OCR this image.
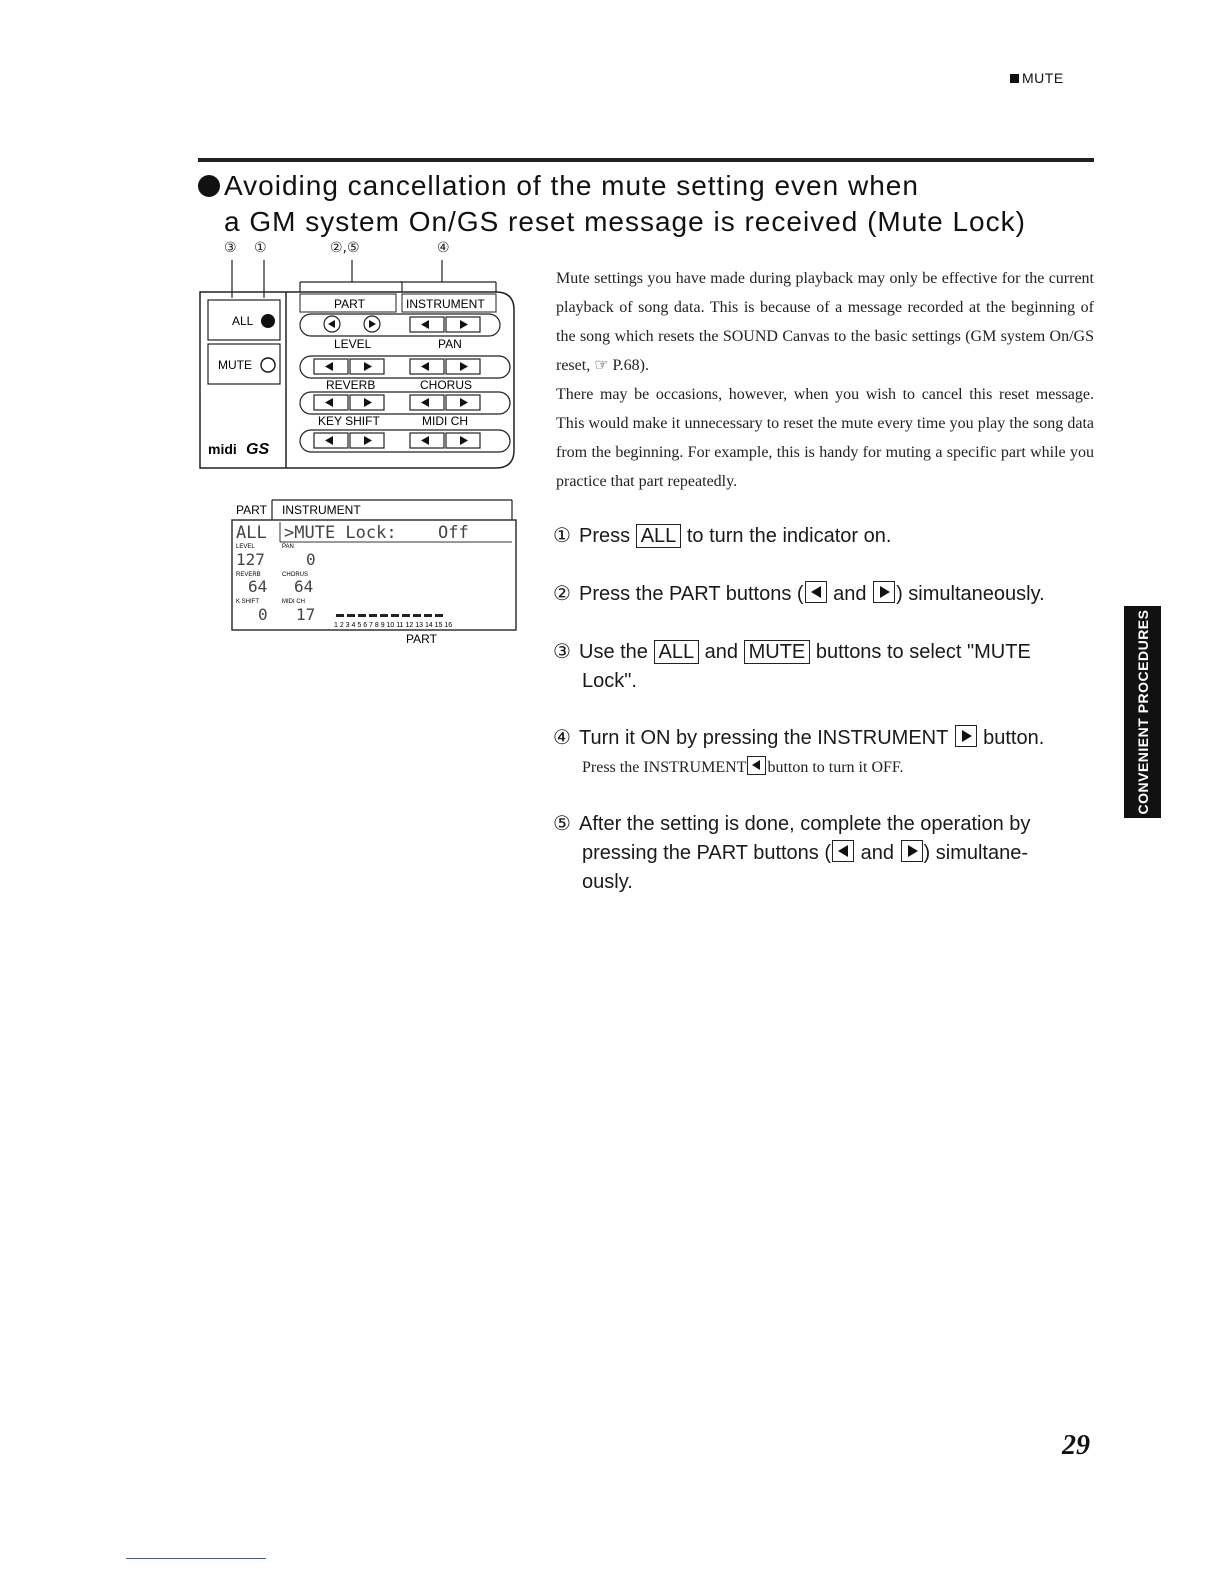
MUTE
Avoiding cancellation of the mute setting even when
a GM system On/GS reset message is received (Mute Lock)
③ ①	②,⑤	④
ALL
MUTE
midi GS
PART	INSTRUMENT
LEVEL	PAN
REVERB	CHORUS
KEY SHIFT	MIDI CH
PART INSTRUMENT
ALL >MUTE Lock: Off
LEVEL	PAN
127	0
REVERB	CHORUS
64 64
K SHIFT	MIDI CH
0 17
1 2 3 4 5 6 7 8 9 10 11 12 13 14 15 16
PART
Mute settings you have made during playback may only be effective for the current playback of song data. This is because of a message recorded at the beginning of the song which resets the SOUND Canvas to the basic settings (GM system On/GS reset, ☞ P.68).
There may be occasions, however, when you wish to cancel this reset message. This would make it unnecessary to reset the mute every time you play the song data from the beginning. For example, this is handy for muting a specific part while you practice that part repeatedly.
① Press ALL to turn the indicator on.
② Press the PART buttons ( and ) simultaneously.
③ Use the ALL and MUTE buttons to select "MUTE
Lock".
④ Turn it ON by pressing the INSTRUMENT button.
Press the INSTRUMENT button to turn it OFF.
⑤ After the setting is done, complete the operation by
pressing the PART buttons ( and ) simultane-
ously.
CONVENIENT PROCEDURES
29
